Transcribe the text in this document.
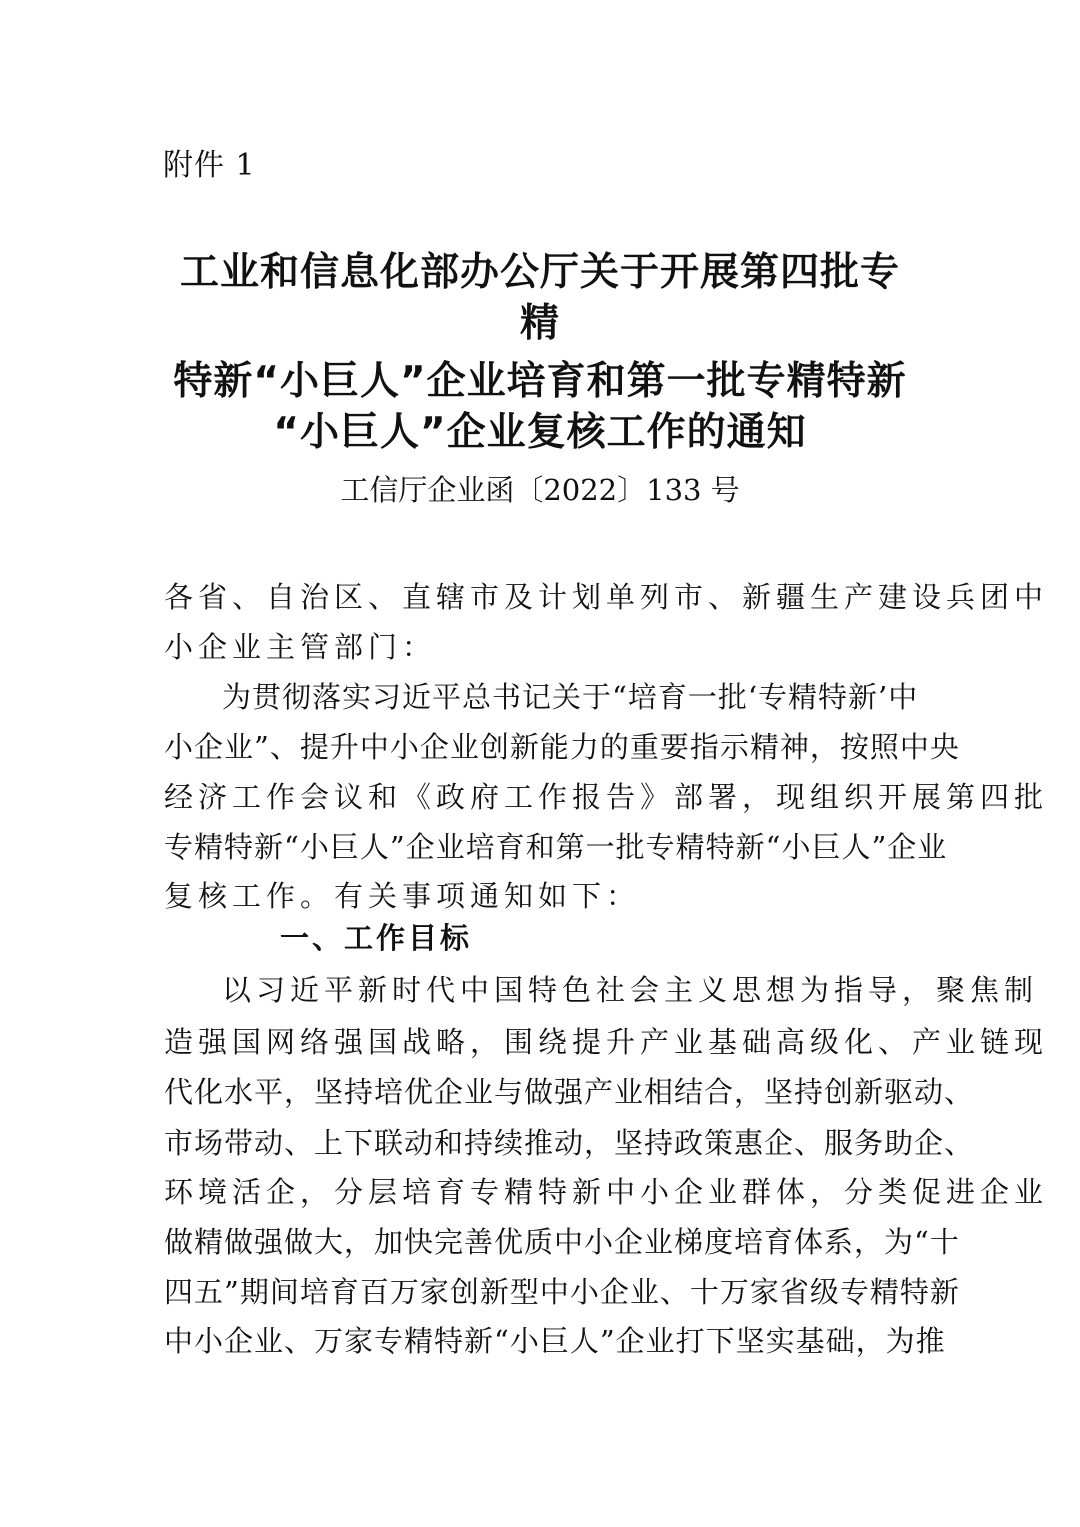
附件 1
工业和信息化部办公厅关于开展第四批专
精
特新“小巨人”企业培育和第一批专精特新
“小巨人”企业复核工作的通知
工信厅企业函〔2022〕133 号
各省、自治区、直辖市及计划单列市、新疆生产建设兵团中
小企业主管部门：
为贯彻落实习近平总书记关于“培育一批‘专精特新’中
小企业”、提升中小企业创新能力的重要指示精神，按照中央
经济工作会议和《政府工作报告》部署，现组织开展第四批
专精特新“小巨人”企业培育和第一批专精特新“小巨人”企业
复核工作。有关事项通知如下：
一、工作目标
以习近平新时代中国特色社会主义思想为指导，聚焦制
造强国网络强国战略，围绕提升产业基础高级化、产业链现
代化水平，坚持培优企业与做强产业相结合，坚持创新驱动、
市场带动、上下联动和持续推动，坚持政策惠企、服务助企、
环境活企，分层培育专精特新中小企业群体，分类促进企业
做精做强做大，加快完善优质中小企业梯度培育体系，为“十
四五”期间培育百万家创新型中小企业、十万家省级专精特新
中小企业、万家专精特新“小巨人”企业打下坚实基础，为推
